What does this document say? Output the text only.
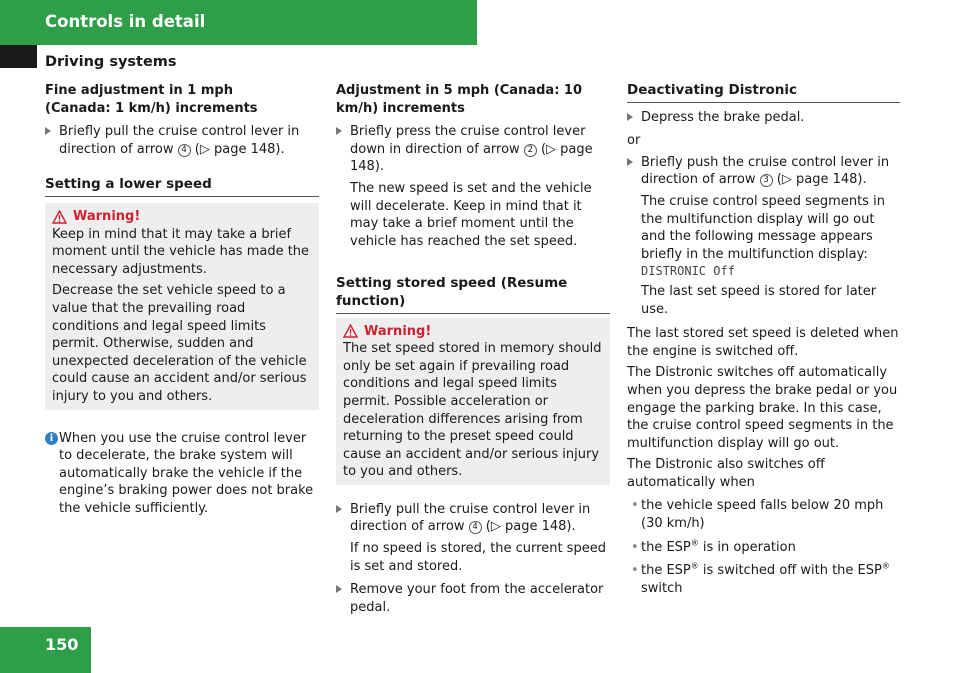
Controls in detail
Driving systems

Fine adjustment in 1 mph (Canada: 1 km/h) increments

Briefly pull the cruise control lever in direction of arrow 4 (▷ page 148).

Setting a lower speed

Warning!

Keep in mind that it may take a brief moment until the vehicle has made the necessary adjustments.

Decrease the set vehicle speed to a value that the prevailing road conditions and legal speed limits permit. Otherwise, sudden and unexpected deceleration of the vehicle could cause an accident and/or serious injury to you and others.

i When you use the cruise control lever to decelerate, the brake system will automatically brake the vehicle if the engine’s braking power does not brake the vehicle sufficiently.

Adjustment in 5 mph (Canada: 10 km/h) increments

Briefly press the cruise control lever down in direction of arrow 2 (▷ page 148).

The new speed is set and the vehicle will decelerate. Keep in mind that it may take a brief moment until the vehicle has reached the set speed.

Setting stored speed (Resume function)

Warning!

The set speed stored in memory should only be set again if prevailing road conditions and legal speed limits permit. Possible acceleration or deceleration differences arising from returning to the preset speed could cause an accident and/or serious injury to you and others.

Briefly pull the cruise control lever in direction of arrow 4 (▷ page 148).

If no speed is stored, the current speed is set and stored.

Remove your foot from the accelerator pedal.

Deactivating Distronic

Depress the brake pedal.

or

Briefly push the cruise control lever in direction of arrow 3 (▷ page 148).

The cruise control speed segments in the multifunction display will go out and the following message appears briefly in the multifunction display: DISTRONIC Off

The last set speed is stored for later use.

The last stored set speed is deleted when the engine is switched off.

The Distronic switches off automatically when you depress the brake pedal or you engage the parking brake. In this case, the cruise control speed segments in the multifunction display will go out.

The Distronic also switches off automatically when

• the vehicle speed falls below 20 mph (30 km/h)

• the ESP® is in operation

• the ESP® is switched off with the ESP® switch

150
